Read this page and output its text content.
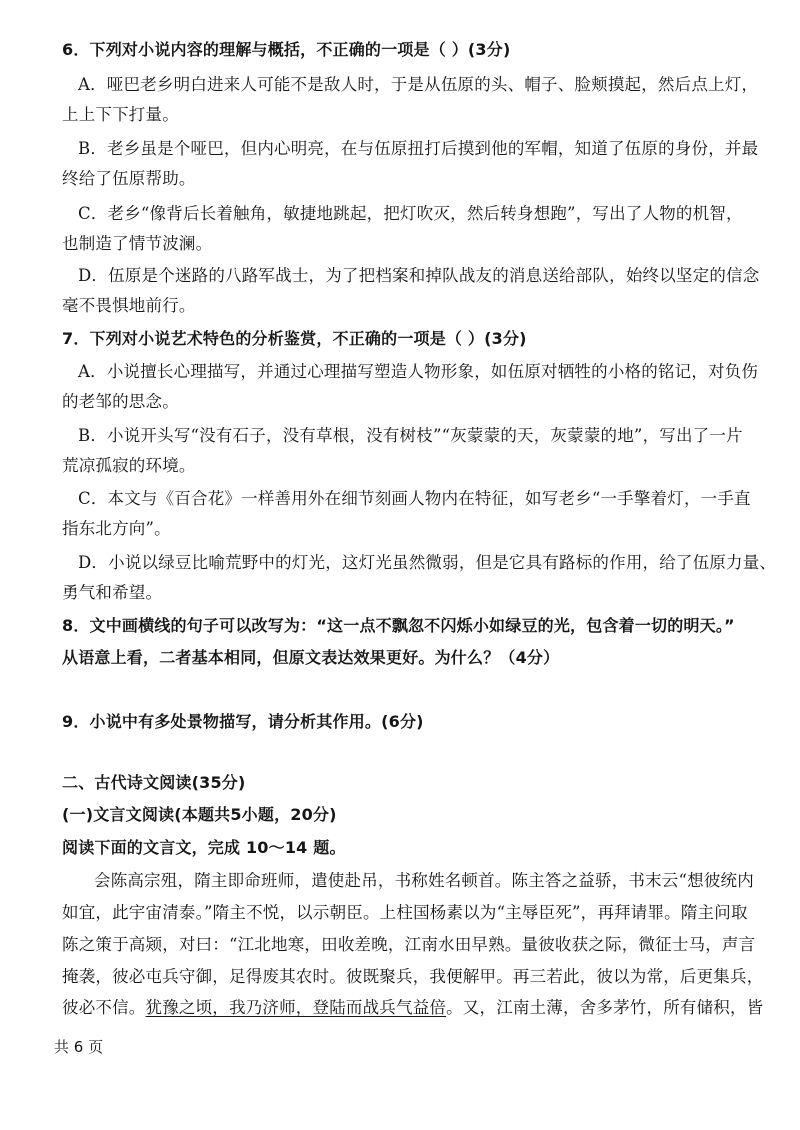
6．下列对小说内容的理解与概括，不正确的一项是（ ）(3分)
A．哑巴老乡明白进来人可能不是敌人时，于是从伍原的头、帽子、脸颊摸起，然后点上灯，
上上下下打量。
B．老乡虽是个哑巴，但内心明亮，在与伍原扭打后摸到他的军帽，知道了伍原的身份，并最
终给了伍原帮助。
C．老乡“像背后长着触角，敏捷地跳起，把灯吹灭，然后转身想跑”，写出了人物的机智，
也制造了情节波澜。
D．伍原是个迷路的八路军战士，为了把档案和掉队战友的消息送给部队，始终以坚定的信念
毫不畏惧地前行。
7．下列对小说艺术特色的分析鉴赏，不正确的一项是（ ）(3分)
A．小说擅长心理描写，并通过心理描写塑造人物形象，如伍原对牺牲的小格的铭记，对负伤
的老邹的思念。
B．小说开头写“没有石子，没有草根，没有树枝”“灰蒙蒙的天，灰蒙蒙的地”，写出了一片
荒凉孤寂的环境。
C．本文与《百合花》一样善用外在细节刻画人物内在特征，如写老乡“一手擎着灯，一手直
指东北方向”。
D．小说以绿豆比喻荒野中的灯光，这灯光虽然微弱，但是它具有路标的作用，给了伍原力量、
勇气和希望。
8．文中画横线的句子可以改写为：“这一点不飘忽不闪烁小如绿豆的光，包含着一切的明天。”
从语意上看，二者基本相同，但原文表达效果更好。为什么？（4分）
9．小说中有多处景物描写，请分析其作用。(6分)
二、古代诗文阅读(35分)
(一)文言文阅读(本题共5小题，20分)
阅读下面的文言文，完成 10～14 题。
会陈高宗殂，隋主即命班师，遣使赴吊，书称姓名顿首。陈主答之益骄，书末云“想彼统内
如宜，此宇宙清泰。”隋主不悦，以示朝臣。上柱国杨素以为“主辱臣死”，再拜请罪。隋主问取
陈之策于高颎，对曰：“江北地寒，田收差晚，江南水田早熟。量彼收获之际，微征士马，声言
掩袭，彼必屯兵守御，足得废其农时。彼既聚兵，我便解甲。再三若此，彼以为常，后更集兵，
彼必不信。犹豫之顷，我乃济师，登陆而战兵气益倍。又，江南土薄，舍多茅竹，所有储积，皆
共 6 页
